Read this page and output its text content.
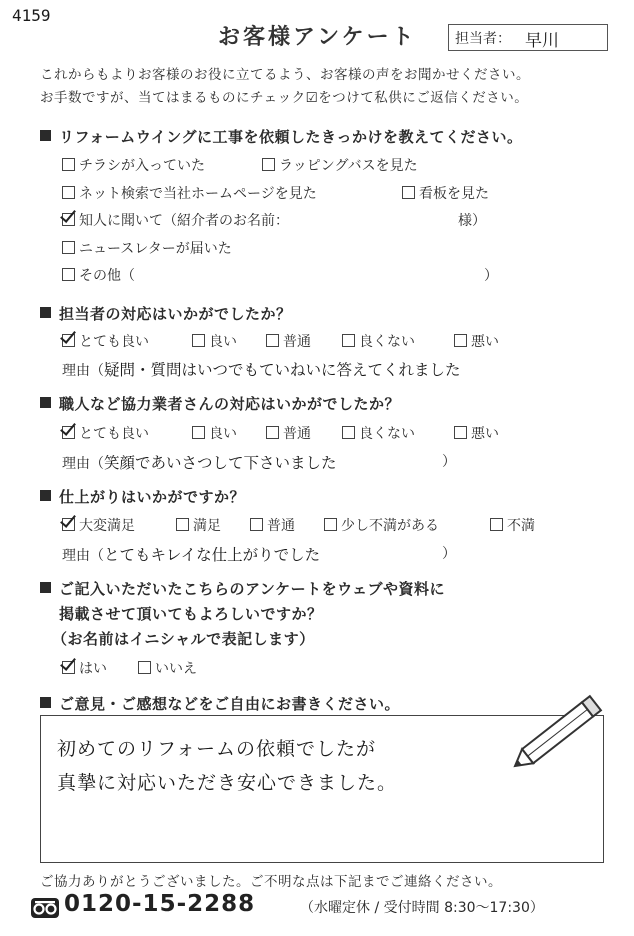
4159
お客様アンケート	担当者： 早川
これからもよりお客様のお役に立てるよう、お客様の声をお聞かせください。
お手数ですが、当てはまるものにチェック☑をつけて私供にご返信ください。
リフォームウイングに工事を依頼したきっかけを教えてください。
チラシが入っていた	ラッピングバスを見た
ネット検索で当社ホームページを見た	看板を見た
知人に聞いて（紹介者のお名前：	様）
ニュースレターが届いた
その他（	）
担当者の対応はいかがでしたか？
とても良い	良い	普通	良くない	悪い
理由（疑問・質問はいつでもていねいに答えてくれました
職人など協力業者さんの対応はいかがでしたか？
とても良い	良い	普通	良くない	悪い
理由（笑顔であいさつして下さいました	）
仕上がりはいかがですか？
大変満足	満足	普通	少し不満がある	不満
理由（とてもキレイな仕上がりでした	）
ご記入いただいたこちらのアンケートをウェブや資料に
掲載させて頂いてもよろしいですか？
（お名前はイニシャルで表記します）
はい	いいえ
ご意見・ご感想などをご自由にお書きください。
初めてのリフォームの依頼でしたが
真摯に対応いただき安心できました。
ご協力ありがとうございました。ご不明な点は下記までご連絡ください。
0120-15-2288	（水曜定休 / 受付時間 8:30〜17:30）
